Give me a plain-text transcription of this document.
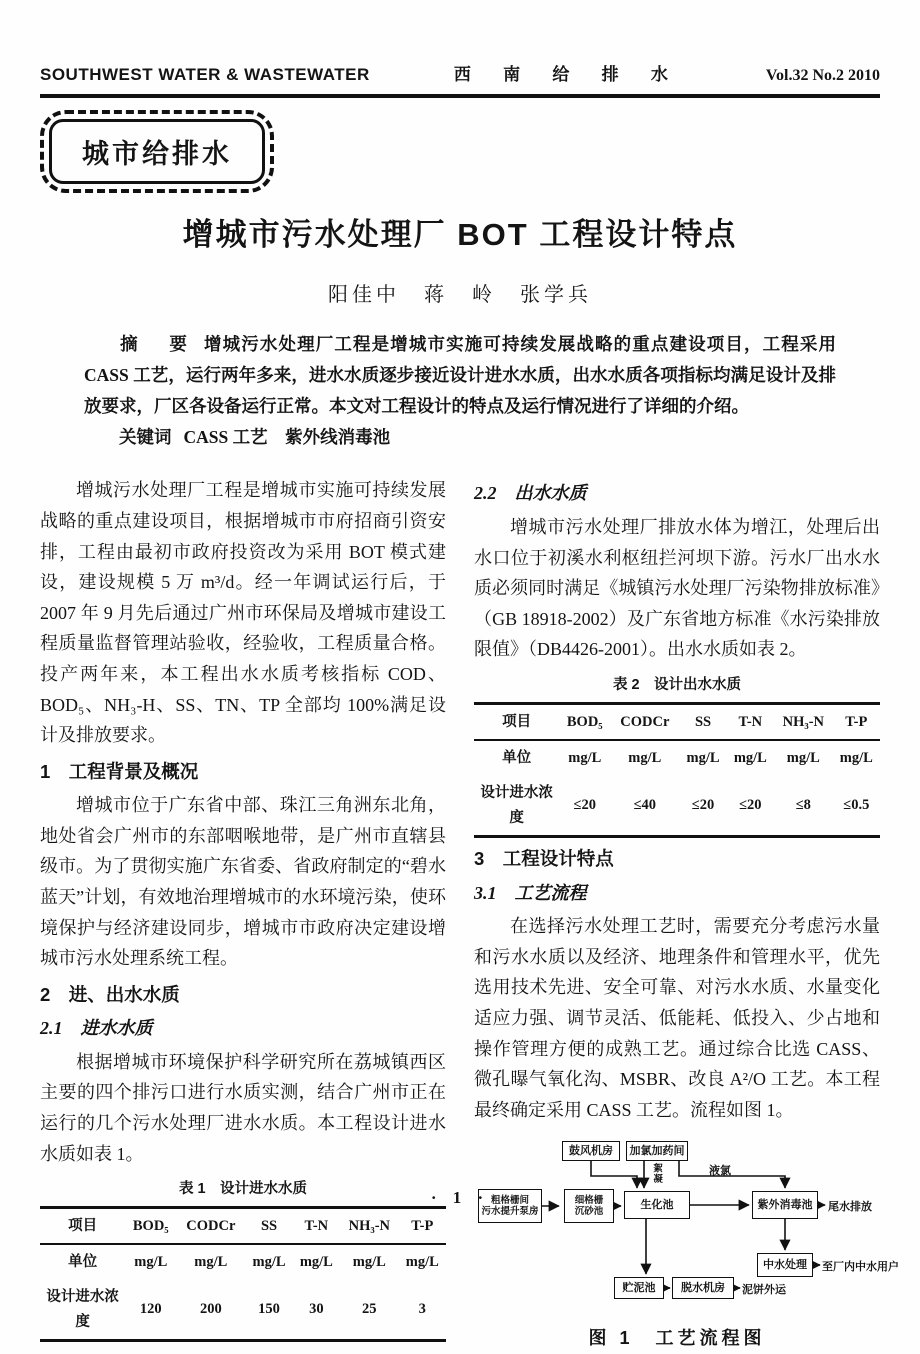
SOUTHWEST WATER & WASTEWATER	西 南 给 排 水	Vol.32 No.2 2010
城市给排水
增城市污水处理厂 BOT 工程设计特点
阳佳中　蒋　岭　张学兵

摘　要 增城污水处理厂工程是增城市实施可持续发展战略的重点建设项目，工程采用 CASS 工艺，运行两年多来，进水水质逐步接近设计进水水质，出水水质各项指标均满足设计及排放要求，厂区各设备运行正常。本文对工程设计的特点及运行情况进行了详细的介绍。

关键词 CASS 工艺　紫外线消毒池

增城污水处理厂工程是增城市实施可持续发展战略的重点建设项目，根据增城市市府招商引资安排，工程由最初市政府投资改为采用 BOT 模式建设，建设规模 5 万 m³/d。经一年调试运行后，于 2007 年 9 月先后通过广州市环保局及增城市建设工程质量监督管理站验收，经验收，工程质量合格。投产两年来，本工程出水水质考核指标 COD、BOD₅、NH₃-H、SS、TN、TP 全部均 100%满足设计及排放要求。

1　工程背景及概况

增城市位于广东省中部、珠江三角洲东北角，地处省会广州市的东部咽喉地带，是广州市直辖县级市。为了贯彻实施广东省委、省政府制定的“碧水蓝天”计划，有效地治理增城市的水环境污染，使环境保护与经济建设同步，增城市市政府决定建设增城市污水处理系统工程。

2　进、出水水质
2.1　进水水质

根据增城市环境保护科学研究所在荔城镇西区主要的四个排污口进行水质实测，结合广州市正在运行的几个污水处理厂进水水质。本工程设计进水水质如表 1。

表 1　设计进水水质
项目	BOD₅	CODCr	SS	T-N	NH₃-N	T-P
单位	mg/L	mg/L	mg/L	mg/L	mg/L	mg/L
设计进水浓度	120	200	150	30	25	3
2.2　出水水质

增城市污水处理厂排放水体为增江，处理后出水口位于初溪水利枢纽拦河坝下游。污水厂出水水质必须同时满足《城镇污水处理厂污染物排放标准》（GB 18918-2002）及广东省地方标准《水污染排放限值》（DB4426-2001）。出水水质如表 2。

表 2　设计出水水质
项目	BOD₅	CODCr	SS	T-N	NH₃-N	T-P
单位	mg/L	mg/L	mg/L	mg/L	mg/L	mg/L
设计进水浓度	≤20	≤40	≤20	≤20	≤8	≤0.5
3　工程设计特点
3.1　工艺流程

在选择污水处理工艺时，需要充分考虑污水量和污水水质以及经济、地理条件和管理水平，优先选用技术先进、安全可靠、对污水水质、水量变化适应力强、调节灵活、低能耗、低投入、少占地和操作管理方便的成熟工艺。通过综合比选 CASS、微孔曝气氧化沟、MSBR、改良 A²/O 工艺。本工程最终确定采用 CASS 工艺。流程如图 1。

鼓风机房	加氯加药间
粗格栅间
污水提升泵房
细格栅
沉砂池
生化池	紫外消毒池
中水处理
贮泥池	脱水机房
絮凝	液氯
尾水排放
至厂内中水用户
泥饼外运
图 1　工艺流程图
· 1 ·
